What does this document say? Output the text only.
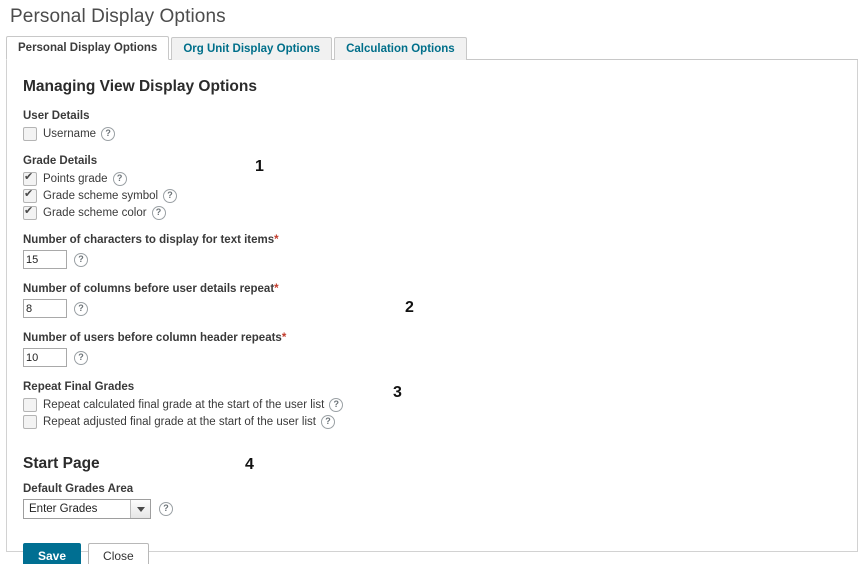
Personal Display Options
Personal Display Options	Org Unit Display Options	Calculation Options
Managing View Display Options
User Details
Username	?
Grade Details
✔
Points grade	?
✔
Grade scheme symbol	?
✔
Grade scheme color	?
Number of characters to display for text items*
15
?
Number of columns before user details repeat*
8
?
Number of users before column header repeats*
10
?
Repeat Final Grades
Repeat calculated final grade at the start of the user list	?
Repeat adjusted final grade at the start of the user list	?
Start Page
Default Grades Area
Enter Grades	?
Save	Close
1
2
3
4
